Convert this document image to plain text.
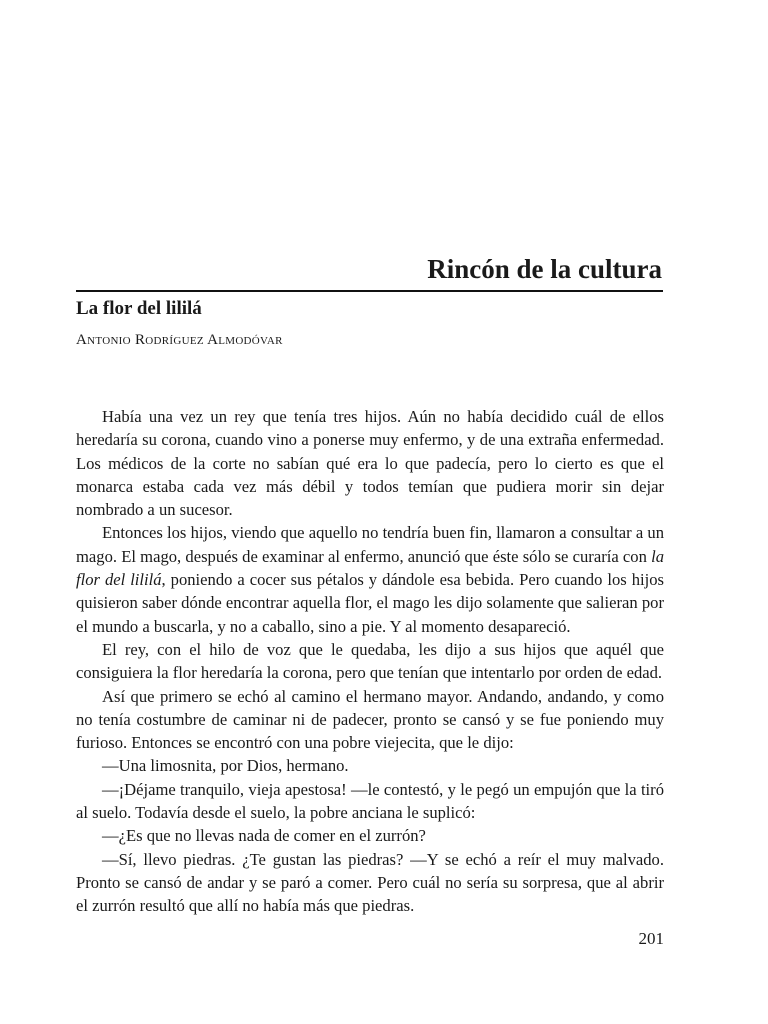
Rincón de la cultura
La flor del lililá

Antonio Rodríguez Almodóvar

Había una vez un rey que tenía tres hijos. Aún no había decidido cuál de ellos heredaría su corona, cuando vino a ponerse muy enfermo, y de una extraña enfermedad. Los médicos de la corte no sabían qué era lo que padecía, pero lo cierto es que el monarca estaba cada vez más débil y todos temían que pudiera morir sin dejar nombrado a un sucesor.

Entonces los hijos, viendo que aquello no tendría buen fin, llamaron a consultar a un mago. El mago, después de examinar al enfermo, anunció que éste sólo se curaría con la flor del lililá, poniendo a cocer sus pétalos y dándole esa bebida. Pero cuando los hijos quisieron saber dónde encontrar aquella flor, el mago les dijo solamente que salieran por el mundo a buscarla, y no a caballo, sino a pie. Y al momento desapareció.

El rey, con el hilo de voz que le quedaba, les dijo a sus hijos que aquél que consiguiera la flor heredaría la corona, pero que tenían que intentarlo por orden de edad.

Así que primero se echó al camino el hermano mayor. Andando, andando, y como no tenía costumbre de caminar ni de padecer, pronto se cansó y se fue poniendo muy furioso. Entonces se encontró con una pobre viejecita, que le dijo:

—Una limosnita, por Dios, hermano.

—¡Déjame tranquilo, vieja apestosa! —le contestó, y le pegó un empujón que la tiró al suelo. Todavía desde el suelo, la pobre anciana le suplicó:

—¿Es que no llevas nada de comer en el zurrón?

—Sí, llevo piedras. ¿Te gustan las piedras? —Y se echó a reír el muy malvado. Pronto se cansó de andar y se paró a comer. Pero cuál no sería su sorpresa, que al abrir el zurrón resultó que allí no había más que piedras.

201
